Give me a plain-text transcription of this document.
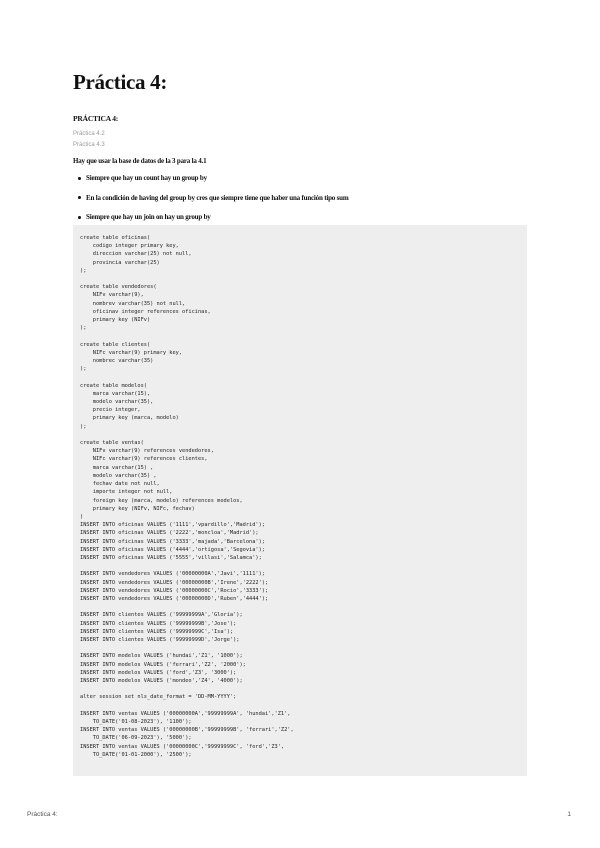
Práctica 4:
PRÁCTICA 4:
Práctica 4.2
Práctica 4.3

Hay que usar la base de datos de la 3 para la 4.1

Siempre que hay un count hay un group by
En la condición de having del group by cres que siempre tiene que haber una función tipo sum
Siempre que hay un join on hay un group by
create table oficinas(
codigo integer primary key,
direccion varchar(25) not null,
provincia varchar(25)
);

create table vendedores(
NIFv varchar(9),
nombrev varchar(35) not null,
oficinav integer references oficinas,
primary key (NIFv)
);

create table clientes(
NIFc varchar(9) primary key,
nombrec varchar(35)
);

create table modelos(
marca varchar(15),
modelo varchar(35),
precio integer,
primary key (marca, modelo)
);

create table ventas(
NIFv varchar(9) references vendedores,
NIFc varchar(9) references clientes,
marca varchar(15) ,
modelo varchar(35) ,
fechav date not null,
importe integer not null,
foreign key (marca, modelo) references modelos,
primary key (NIFv, NIFc, fechav)
)
INSERT INTO oficinas VALUES ('1111','vpardillo','Madrid');
INSERT INTO oficinas VALUES ('2222','moncloa','Madrid');
INSERT INTO oficinas VALUES ('3333','majada','Barcelona');
INSERT INTO oficinas VALUES ('4444','ortigosa','Segovia');
INSERT INTO oficinas VALUES ('5555','villasi','Salamca');

INSERT INTO vendedores VALUES ('00000000A','Javi','1111');
INSERT INTO vendedores VALUES ('00000000B','Irene','2222');
INSERT INTO vendedores VALUES ('00000000C','Rocio','3333');
INSERT INTO vendedores VALUES ('00000000D','Ruben','4444');

INSERT INTO clientes VALUES ('99999999A','Gloria');
INSERT INTO clientes VALUES ('99999999B','Jose');
INSERT INTO clientes VALUES ('99999999C','Isa');
INSERT INTO clientes VALUES ('99999999D','Jorge');

INSERT INTO modelos VALUES ('hundai','Z1', '1000');
INSERT INTO modelos VALUES ('ferrari','Z2', '2000');
INSERT INTO modelos VALUES ('ford','Z3', '3000');
INSERT INTO modelos VALUES ('mondeo','Z4', '4000');

alter session set nls_date_format = 'DD-MM-YYYY';

INSERT INTO ventas VALUES ('00000000A','99999999A', 'hundai','Z1',
TO_DATE('01-08-2023'), '1100');
INSERT INTO ventas VALUES ('00000000B','99999999B', 'ferrari','Z2',
TO_DATE('06-09-2023'), '5000');
INSERT INTO ventas VALUES ('00000000C','99999999C', 'ford','Z3',
TO_DATE('01-01-2000'), '2500');
Práctica 4:	1
